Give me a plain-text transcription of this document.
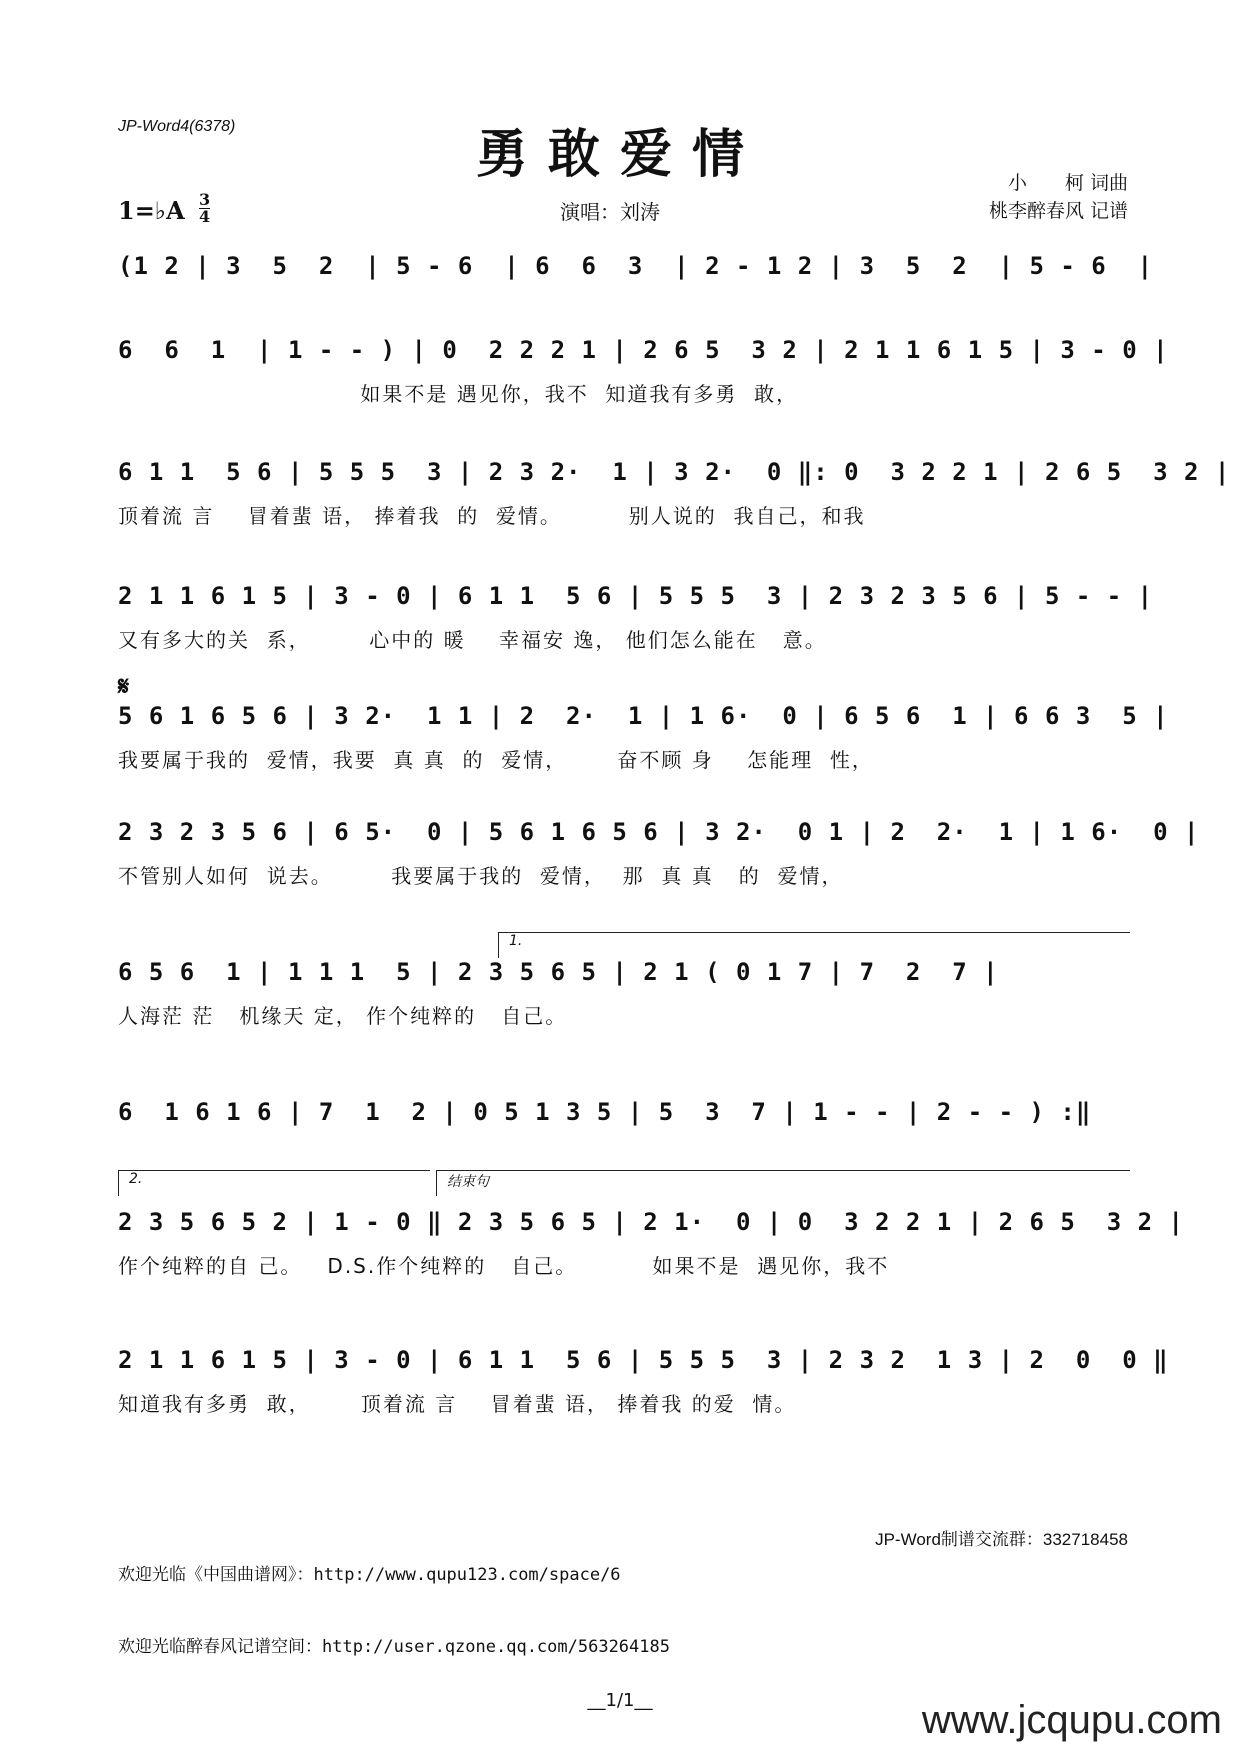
JP-Word4(6378)	勇敢爱情
1=♭A 3
4	演唱：刘涛
小　　柯 词曲
桃李醉春风 记谱
𝄋
1.
2.	结束句
(1 2 | 3  5  2  | 5 - 6  | 6  6  3  | 2 - 1 2 | 3  5  2  | 5 - 6  |
6  6  1  | 1 - - ) | 0  2 2 2 1 | 2 6 5  3 2 | 2 1 1 6 1 5 | 3 - 0 |
如果不是 遇见你，我不  知道我有多勇  敢，
6 1 1  5 6 | 5 5 5  3 | 2 3 2·  1 | 3 2·  0 ‖: 0  3 2 2 1 | 2 6 5  3 2 |
顶着流 言    冒着蜚 语， 捧着我  的  爱情。        别人说的  我自己，和我
2 1 1 6 1 5 | 3 - 0 | 6 1 1  5 6 | 5 5 5  3 | 2 3 2 3 5 6 | 5 - - |
又有多大的关  系，       心中的 暖    幸福安 逸， 他们怎么能在   意。
5 6 1 6 5 6 | 3 2·  1 1 | 2  2·  1 | 1 6·  0 | 6 5 6  1 | 6 6 3  5 |
我要属于我的  爱情，我要  真 真  的  爱情，      奋不顾 身    怎能理  性，
2 3 2 3 5 6 | 6 5·  0 | 5 6 1 6 5 6 | 3 2·  0 1 | 2  2·  1 | 1 6·  0 |
不管别人如何  说去。       我要属于我的  爱情，  那  真 真   的  爱情，
6 5 6  1 | 1 1 1  5 | 2 3 5 6 5 | 2 1 ( 0 1 7 | 7  2  7 |
人海茫 茫   机缘天 定， 作个纯粹的   自己。
6  1 6 1 6 | 7  1  2 | 0 5 1 3 5 | 5  3  7 | 1 - - | 2 - - ) :‖
2 3 5 6 5 2 | 1 - 0 ‖ 2 3 5 6 5 | 2 1·  0 | 0  3 2 2 1 | 2 6 5  3 2 |
作个纯粹的自 己。   D.S.作个纯粹的   自己。         如果不是  遇见你，我不
2 1 1 6 1 5 | 3 - 0 | 6 1 1  5 6 | 5 5 5  3 | 2 3 2  1 3 | 2  0  0 ‖
知道我有多勇  敢，      顶着流 言    冒着蜚 语， 捧着我 的爱  情。

欢迎光临《中国曲谱网》：http://www.qupu123.com/space/6

欢迎光临醉春风记谱空间：http://user.qzone.qq.com/563264185

JP-Word制谱交流群：332718458
__1/1__	www.jcqupu.com
